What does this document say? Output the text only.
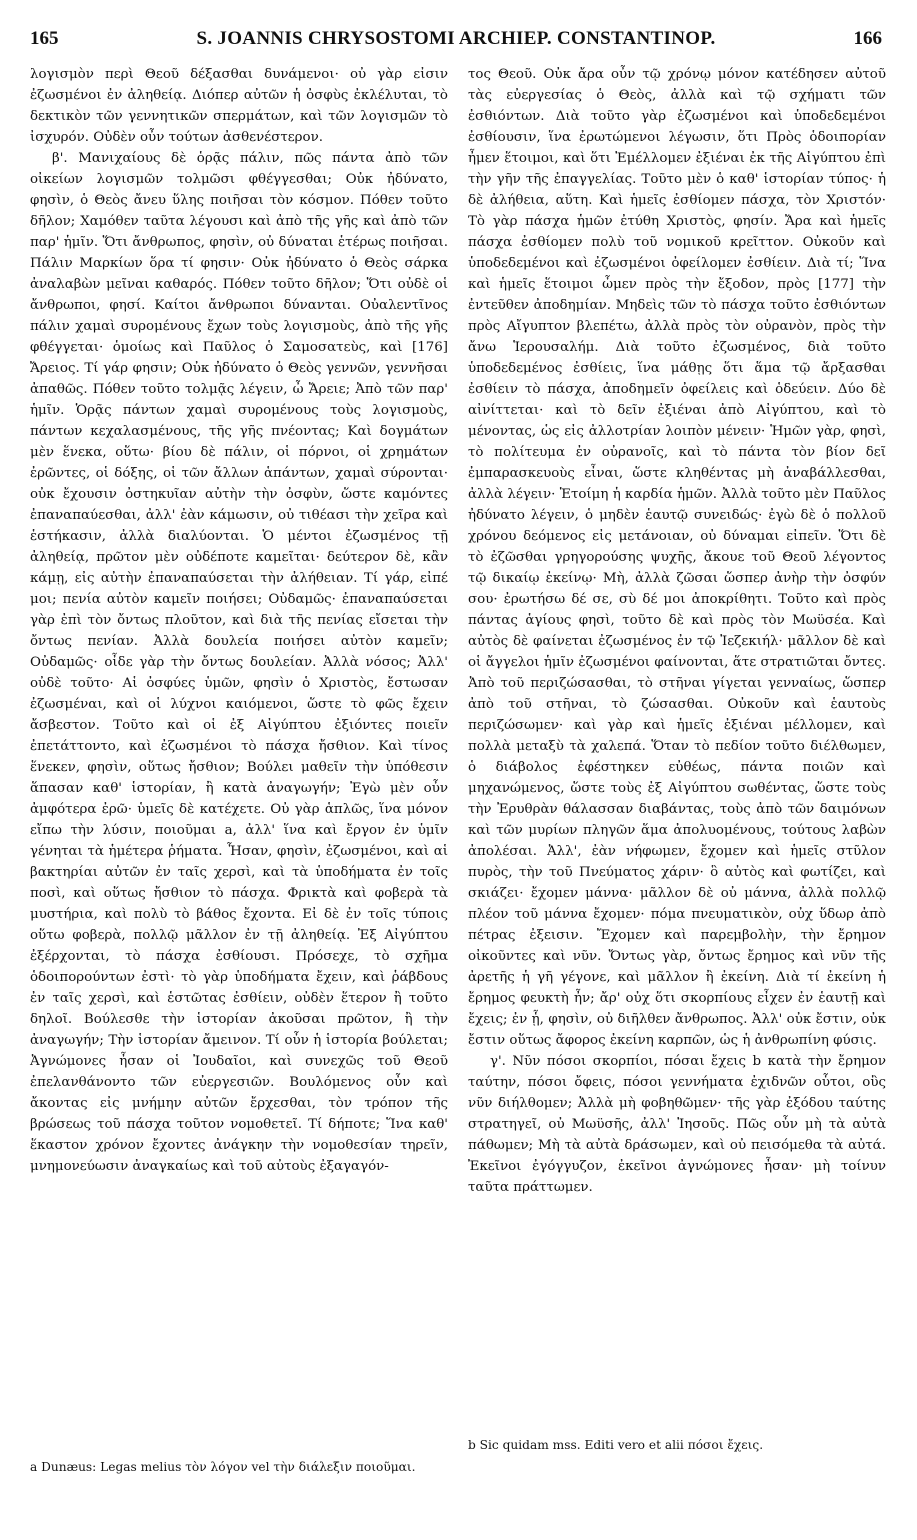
165	S. JOANNIS CHRYSOSTOMI ARCHIEP. CONSTANTINOP.	166

λογισμὸν περὶ Θεοῦ δέξασθαι δυνάμενοι· οὐ γὰρ εἰσιν ἐζωσμένοι ἐν ἀληθείᾳ. Διόπερ αὐτῶν ἡ ὀσφὺς ἐκλέλυται, τὸ δεκτικὸν τῶν γεννητικῶν σπερμάτων, καὶ τῶν λογισμῶν τὸ ἰσχυρόν. Οὐδὲν οὖν τούτων ἀσθενέστερον.

β'. Μανιχαίους δὲ ὁρᾷς πάλιν, πῶς πάντα ἀπὸ τῶν οἰκείων λογισμῶν τολμῶσι φθέγγεσθαι; Οὐκ ἠδύνατο, φησὶν, ὁ Θεὸς ἄνευ ὕλης ποιῆσαι τὸν κόσμον. Πόθεν τοῦτο δῆλον; Χαμόθεν ταῦτα λέγουσι καὶ ἀπὸ τῆς γῆς καὶ ἀπὸ τῶν παρ' ἡμῖν. Ὅτι ἄνθρωπος, φησὶν, οὐ δύναται ἑτέρως ποιῆσαι. Πάλιν Μαρκίων ὅρα τί φησιν· Οὐκ ἠδύνατο ὁ Θεὸς σάρκα ἀναλαβὼν μεῖναι καθαρός. Πόθεν τοῦτο δῆλον; Ὅτι οὐδὲ οἱ ἄνθρωποι, φησί. Καίτοι ἄνθρωποι δύνανται. Οὐαλεντῖνος πάλιν χαμαὶ συρομένους ἔχων τοὺς λογισμοὺς, ἀπὸ τῆς γῆς φθέγγεται· ὁμοίως καὶ Παῦλος ὁ Σαμοσατεὺς, καὶ [176] Ἄρειος. Τί γάρ φησιν; Οὐκ ἠδύνατο ὁ Θεὸς γεννῶν, γεννῆσαι ἀπαθῶς. Πόθεν τοῦτο τολμᾷς λέγειν, ὦ Ἄρειε; Ἀπὸ τῶν παρ' ἡμῖν. Ὁρᾷς πάντων χαμαὶ συρομένους τοὺς λογισμοὺς, πάντων κεχαλασμένους, τῆς γῆς πνέοντας; Καὶ δογμάτων μὲν ἕνεκα, οὕτω· βίου δὲ πάλιν, οἱ πόρνοι, οἱ χρημάτων ἐρῶντες, οἱ δόξης, οἱ τῶν ἄλλων ἁπάντων, χαμαὶ σύρονται· οὐκ ἔχουσιν ὀστηκυῖαν αὐτὴν τὴν ὀσφὺν, ὥστε καμόντες ἐπαναπαύεσθαι, ἀλλ' ἐὰν κάμωσιν, οὐ τιθέασι τὴν χεῖρα καὶ ἑστήκασιν, ἀλλὰ διαλύονται. Ὁ μέντοι ἐζωσμένος τῇ ἀληθείᾳ, πρῶτον μὲν οὐδέποτε καμεῖται· δεύτερον δὲ, κἂν κάμῃ, εἰς αὐτὴν ἐπαναπαύσεται τὴν ἀλήθειαν. Τί γάρ, εἰπέ μοι; πενία αὐτὸν καμεῖν ποιήσει; Οὐδαμῶς· ἐπαναπαύσεται γὰρ ἐπὶ τὸν ὄντως πλοῦτον, καὶ διὰ τῆς πενίας εἴσεται τὴν ὄντως πενίαν. Ἀλλὰ δουλεία ποιήσει αὐτὸν καμεῖν; Οὐδαμῶς· οἶδε γὰρ τὴν ὄντως δουλείαν. Ἀλλὰ νόσος; Ἀλλ' οὐδὲ τοῦτο· Αἱ ὀσφύες ὑμῶν, φησὶν ὁ Χριστὸς, ἔστωσαν ἐζωσμέναι, καὶ οἱ λύχνοι καιόμενοι, ὥστε τὸ φῶς ἔχειν ἄσβεστον. Τοῦτο καὶ οἱ ἐξ Αἰγύπτου ἐξιόντες ποιεῖν ἐπετάττοντο, καὶ ἐζωσμένοι τὸ πάσχα ἤσθιον. Καὶ τίνος ἕνεκεν, φησὶν, οὕτως ἤσθιον; Βούλει μαθεῖν τὴν ὑπόθεσιν ἅπασαν καθ' ἱστορίαν, ἢ κατὰ ἀναγωγήν; Ἐγὼ μὲν οὖν ἀμφότερα ἐρῶ· ὑμεῖς δὲ κατέχετε. Οὐ γὰρ ἁπλῶς, ἵνα μόνον εἴπω τὴν λύσιν, ποιοῦμαι a, ἀλλ' ἵνα καὶ ἔργον ἐν ὑμῖν γένηται τὰ ἡμέτερα ῥήματα. Ἦσαν, φησὶν, ἐζωσμένοι, καὶ αἱ βακτηρίαι αὐτῶν ἐν ταῖς χερσὶ, καὶ τὰ ὑποδήματα ἐν τοῖς ποσὶ, καὶ οὕτως ἤσθιον τὸ πάσχα. Φρικτὰ καὶ φοβερὰ τὰ μυστήρια, καὶ πολὺ τὸ βάθος ἔχοντα. Εἰ δὲ ἐν τοῖς τύποις οὕτω φοβερὰ, πολλῷ μᾶλλον ἐν τῇ ἀληθείᾳ. Ἐξ Αἰγύπτου ἐξέρχονται, τὸ πάσχα ἐσθίουσι. Πρόσεχε, τὸ σχῆμα ὁδοιπορούντων ἐστὶ· τὸ γὰρ ὑποδήματα ἔχειν, καὶ ῥάβδους ἐν ταῖς χερσὶ, καὶ ἑστῶτας ἐσθίειν, οὐδὲν ἕτερον ἢ τοῦτο δηλοῖ. Βούλεσθε τὴν ἱστορίαν ἀκοῦσαι πρῶτον, ἢ τὴν ἀναγωγήν; Τὴν ἱστορίαν ἄμεινον. Τί οὖν ἡ ἱστορία βούλεται; Ἀγνώμονες ἦσαν οἱ Ἰουδαῖοι, καὶ συνεχῶς τοῦ Θεοῦ ἐπελανθάνοντο τῶν εὐεργεσιῶν. Βουλόμενος οὖν καὶ ἄκοντας εἰς μνήμην αὐτῶν ἔρχεσθαι, τὸν τρόπον τῆς βρώσεως τοῦ πάσχα τοῦτον νομοθετεῖ. Τί δήποτε; Ἵνα καθ' ἕκαστον χρόνον ἔχοντες ἀνάγκην τὴν νομοθεσίαν τηρεῖν, μνημονεύωσιν ἀναγκαίως καὶ τοῦ αὐτοὺς ἐξαγαγόν-

τος Θεοῦ. Οὐκ ἄρα οὖν τῷ χρόνῳ μόνον κατέδησεν αὐτοῦ τὰς εὐεργεσίας ὁ Θεὸς, ἀλλὰ καὶ τῷ σχήματι τῶν ἐσθιόντων. Διὰ τοῦτο γὰρ ἐζωσμένοι καὶ ὑποδεδεμένοι ἐσθίουσιν, ἵνα ἐρωτώμενοι λέγωσιν, ὅτι Πρὸς ὁδοιπορίαν ἦμεν ἕτοιμοι, καὶ ὅτι Ἐμέλλομεν ἐξιέναι ἐκ τῆς Αἰγύπτου ἐπὶ τὴν γῆν τῆς ἐπαγγελίας. Τοῦτο μὲν ὁ καθ' ἱστορίαν τύπος· ἡ δὲ ἀλήθεια, αὕτη. Καὶ ἡμεῖς ἐσθίομεν πάσχα, τὸν Χριστόν· Τὸ γὰρ πάσχα ἡμῶν ἐτύθη Χριστὸς, φησίν. Ἄρα καὶ ἡμεῖς πάσχα ἐσθίομεν πολὺ τοῦ νομικοῦ κρεῖττον. Οὐκοῦν καὶ ὑποδεδεμένοι καὶ ἐζωσμένοι ὀφείλομεν ἐσθίειν. Διὰ τί; Ἵνα καὶ ἡμεῖς ἕτοιμοι ὦμεν πρὸς τὴν ἔξοδον, πρὸς [177] τὴν ἐντεῦθεν ἀποδημίαν. Μηδεὶς τῶν τὸ πάσχα τοῦτο ἐσθιόντων πρὸς Αἴγυπτον βλεπέτω, ἀλλὰ πρὸς τὸν οὐρανὸν, πρὸς τὴν ἄνω Ἱερουσαλήμ. Διὰ τοῦτο ἐζωσμένος, διὰ τοῦτο ὑποδεδεμένος ἐσθίεις, ἵνα μάθῃς ὅτι ἅμα τῷ ἄρξασθαι ἐσθίειν τὸ πάσχα, ἀποδημεῖν ὀφείλεις καὶ ὁδεύειν. Δύο δὲ αἰνίττεται· καὶ τὸ δεῖν ἐξιέναι ἀπὸ Αἰγύπτου, καὶ τὸ μένοντας, ὡς εἰς ἀλλοτρίαν λοιπὸν μένειν· Ἡμῶν γὰρ, φησὶ, τὸ πολίτευμα ἐν οὐρανοῖς, καὶ τὸ πάντα τὸν βίον δεῖ ἐμπαρασκευοὺς εἶναι, ὥστε κληθέντας μὴ ἀναβάλλεσθαι, ἀλλὰ λέγειν· Ἑτοίμη ἡ καρδία ἡμῶν. Ἀλλὰ τοῦτο μὲν Παῦλος ἠδύνατο λέγειν, ὁ μηδὲν ἑαυτῷ συνειδώς· ἐγὼ δὲ ὁ πολλοῦ χρόνου δεόμενος εἰς μετάνοιαν, οὐ δύναμαι εἰπεῖν. Ὅτι δὲ τὸ ἐζῶσθαι γρηγορούσης ψυχῆς, ἄκουε τοῦ Θεοῦ λέγοντος τῷ δικαίῳ ἐκείνῳ· Μὴ, ἀλλὰ ζῶσαι ὥσπερ ἀνὴρ τὴν ὀσφύν σου· ἐρωτήσω δέ σε, σὺ δέ μοι ἀποκρίθητι. Τοῦτο καὶ πρὸς πάντας ἁγίους φησὶ, τοῦτο δὲ καὶ πρὸς τὸν Μωϋσέα. Καὶ αὐτὸς δὲ φαίνεται ἐζωσμένος ἐν τῷ Ἰεζεκιήλ· μᾶλλον δὲ καὶ οἱ ἄγγελοι ἡμῖν ἐζωσμένοι φαίνονται, ἅτε στρατιῶται ὄντες. Ἀπὸ τοῦ περιζώσασθαι, τὸ στῆναι γίγεται γενναίως, ὥσπερ ἀπὸ τοῦ στῆναι, τὸ ζώσασθαι. Οὐκοῦν καὶ ἑαυτοὺς περιζώσωμεν· καὶ γὰρ καὶ ἡμεῖς ἐξιέναι μέλλομεν, καὶ πολλὰ μεταξὺ τὰ χαλεπά. Ὅταν τὸ πεδίον τοῦτο διέλθωμεν, ὁ διάβολος ἐφέστηκεν εὐθέως, πάντα ποιῶν καὶ μηχανώμενος, ὥστε τοὺς ἐξ Αἰγύπτου σωθέντας, ὥστε τοὺς τὴν Ἐρυθρὰν θάλασσαν διαβάντας, τοὺς ἀπὸ τῶν δαιμόνων καὶ τῶν μυρίων πληγῶν ἅμα ἀπολυομένους, τούτους λαβὼν ἀπολέσαι. Ἀλλ', ἐὰν νήφωμεν, ἔχομεν καὶ ἡμεῖς στῦλον πυρὸς, τὴν τοῦ Πνεύματος χάριν· ὃ αὐτὸς καὶ φωτίζει, καὶ σκιάζει· ἔχομεν μάννα· μᾶλλον δὲ οὐ μάννα, ἀλλὰ πολλῷ πλέον τοῦ μάννα ἔχομεν· πόμα πνευματικὸν, οὐχ ὕδωρ ἀπὸ πέτρας ἐξεισιν. Ἔχομεν καὶ παρεμβολὴν, τὴν ἔρημον οἰκοῦντες καὶ νῦν. Ὄντως γὰρ, ὄντως ἔρημος καὶ νῦν τῆς ἀρετῆς ἡ γῆ γέγονε, καὶ μᾶλλον ἢ ἐκείνη. Διὰ τί ἐκείνη ἡ ἔρημος φευκτὴ ἦν; ἄρ' οὐχ ὅτι σκορπίους εἶχεν ἐν ἑαυτῇ καὶ ἔχεις; ἐν ᾗ, φησὶν, οὐ διῆλθεν ἄνθρωπος. Ἀλλ' οὐκ ἔστιν, οὐκ ἔστιν οὕτως ἄφορος ἐκείνη καρπῶν, ὡς ἡ ἀνθρωπίνη φύσις.

γ'. Νῦν πόσοι σκορπίοι, πόσαι ἔχεις b κατὰ τὴν ἔρημον ταύτην, πόσοι ὄφεις, πόσοι γεννήματα ἐχιδνῶν οὗτοι, οὓς νῦν διήλθομεν; Ἀλλὰ μὴ φοβηθῶμεν· τῆς γὰρ ἐξόδου ταύτης στρατηγεῖ, οὐ Μωϋσῆς, ἀλλ' Ἰησοῦς. Πῶς οὖν μὴ τὰ αὐτὰ πάθωμεν; Μὴ τὰ αὐτὰ δράσωμεν, καὶ οὐ πεισόμεθα τὰ αὐτά. Ἐκεῖνοι ἐγόγγυζον, ἐκεῖνοι ἀγνώμονες ἦσαν· μὴ τοίνυν ταῦτα πράττωμεν.

a Dunæus: Legas melius τὸν λόγον vel τὴν διάλεξιν ποιοῦμαι.
b Sic quidam mss. Editi vero et alii πόσοι ἔχεις.
